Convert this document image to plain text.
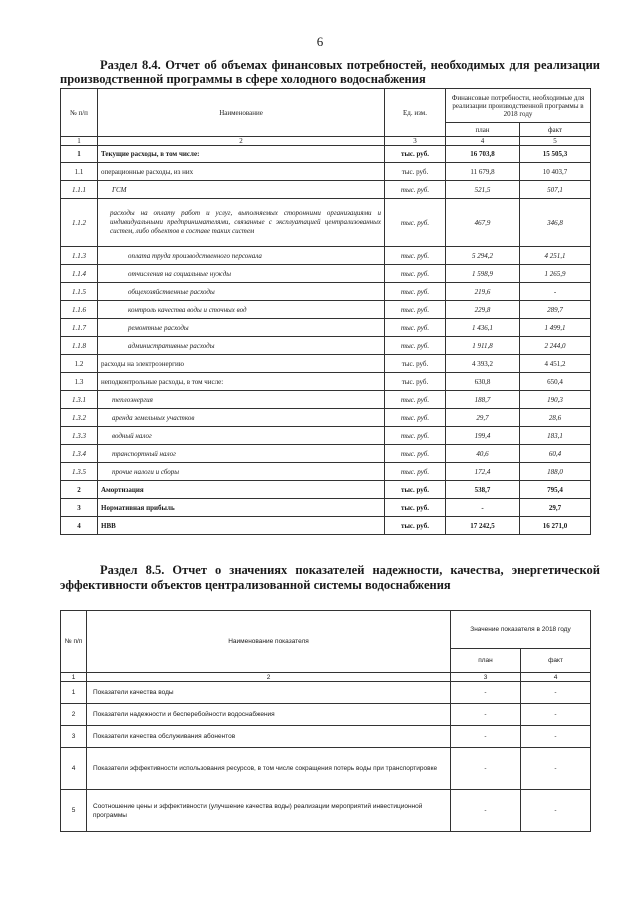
6
Раздел 8.4. Отчет об объемах финансовых потребностей, необходимых для реализации производственной программы в сфере холодного водоснабжения
№ п/п	Наименование	Ед. изм.	Финансовые потребности, необходимые для реализации производственной программы в 2018 году	
			план	факт
1	2	3	4	5
1	Текущие расходы, в том числе:	тыс. руб.	16 703,8	15 505,3
1.1	операционные расходы, из них	тыс. руб.	11 679,8	10 403,7
1.1.1	ГСМ	тыс. руб.	521,5	507,1
1.1.2	расходы на оплату работ и услуг, выполняемых сторонними организациями и индивидуальными предпринимателями, связанные с эксплуатацией централизованных систем, либо объектов в составе таких систем	тыс. руб.	467,9	346,8
1.1.3	оплата труда производственного персонала	тыс. руб.	5 294,2	4 251,1
1.1.4	отчисления на социальные нужды	тыс. руб.	1 598,9	1 265,9
1.1.5	общехозяйственные расходы	тыс. руб.	219,6	-
1.1.6	контроль качества воды и сточных вод	тыс. руб.	229,8	289,7
1.1.7	ремонтные расходы	тыс. руб.	1 436,1	1 499,1
1.1.8	административные расходы	тыс. руб.	1 911,8	2 244,0
1.2	расходы на электроэнергию	тыс. руб.	4 393,2	4 451,2
1.3	неподконтрольные расходы, в том числе:	тыс. руб.	630,8	650,4
1.3.1	теплоэнергия	тыс. руб.	188,7	190,3
1.3.2	аренда земельных участков	тыс. руб.	29,7	28,6
1.3.3	водный налог	тыс. руб.	199,4	183,1
1.3.4	транспортный налог	тыс. руб.	40,6	60,4
1.3.5	прочие налоги и сборы	тыс. руб.	172,4	188,0
2	Амортизация	тыс. руб.	538,7	795,4
3	Нормативная прибыль	тыс. руб.	-	29,7
4	НВВ	тыс. руб.	17 242,5	16 271,0
Раздел 8.5. Отчет о значениях показателей надежности, качества, энергетической эффективности объектов централизованной системы водоснабжения
№ п/п	Наименование показателя	Значение показателя в 2018 году	
		план	факт
1	2	3	4
1	Показатели качества воды	-	-
2	Показатели надежности и бесперебойности водоснабжения	-	-
3	Показатели качества обслуживания абонентов	-	-
4	Показатели эффективности использования ресурсов, в том числе сокращения потерь воды при транспортировке	-	-
5	Соотношение цены и эффективности (улучшение качества воды) реализации мероприятий инвестиционной программы	-	-
